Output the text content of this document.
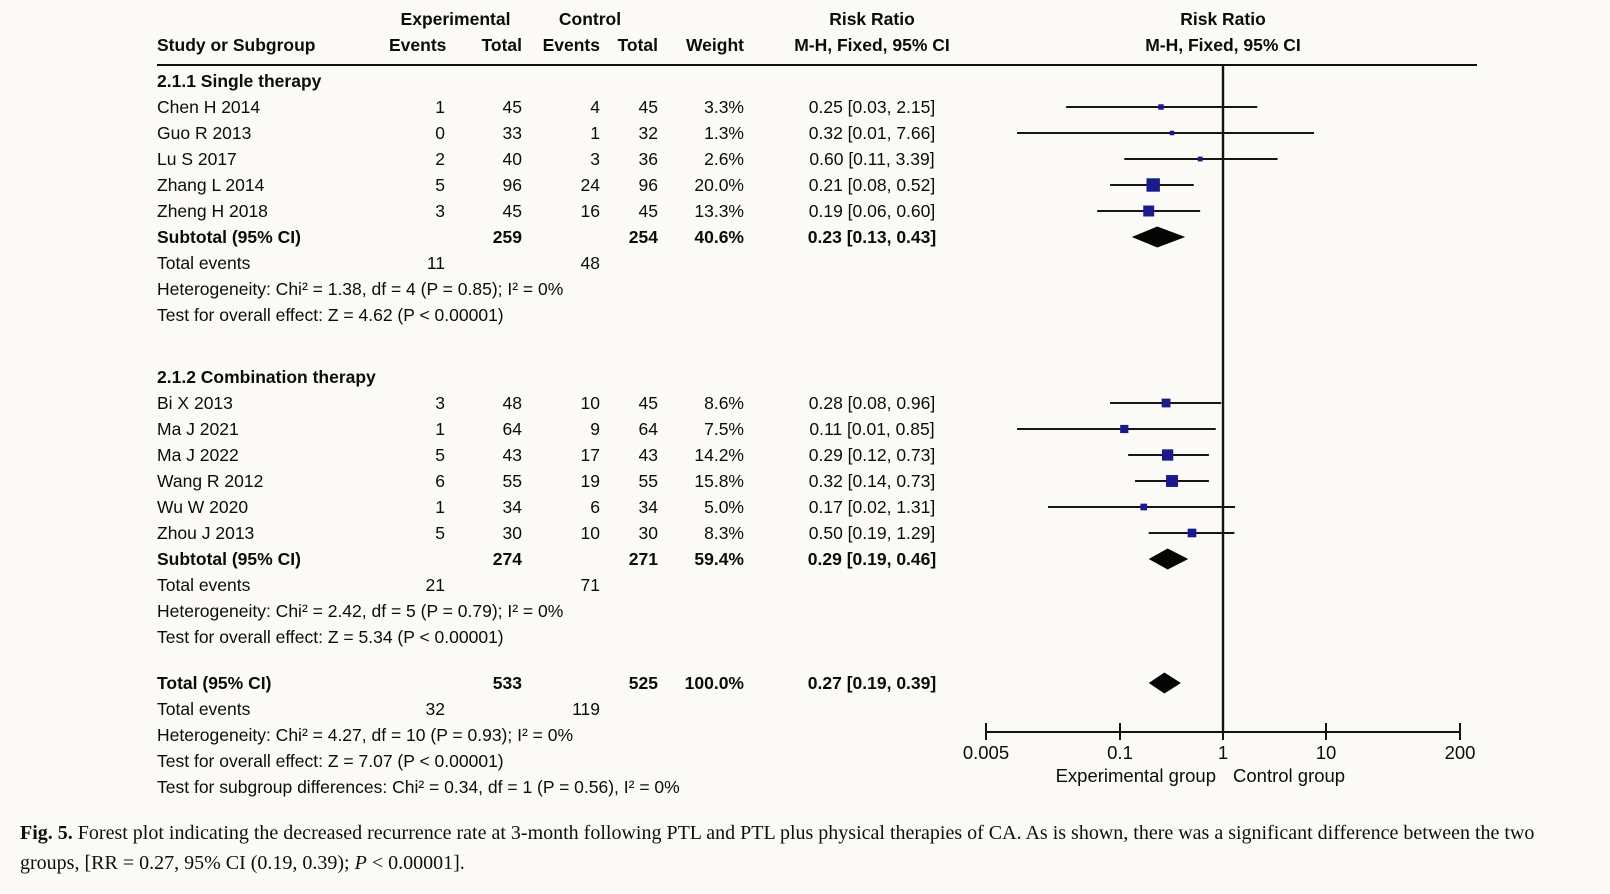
Experimental	Control	Risk Ratio
Study or Subgroup	Events	Total	Events Total	Weight	M-H, Fixed, 95% CI
Risk Ratio
M-H, Fixed, 95% CI
2.1.1 Single therapy
Chen H 2014	1	45	4	45	3.3%	0.25 [0.03, 2.15]
Guo R 2013	0	33	1	32	1.3%	0.32 [0.01, 7.66]
Lu S 2017	2	40	3	36	2.6%	0.60 [0.11, 3.39]
Zhang L 2014	5	96	24	96	20.0%	0.21 [0.08, 0.52]
Zheng H 2018	3	45	16	45	13.3%	0.19 [0.06, 0.60]
Subtotal (95% CI)	259	254	40.6%	0.23 [0.13, 0.43]
Total events	11	48
Heterogeneity: Chi² = 1.38, df = 4 (P = 0.85); I² = 0%
Test for overall effect: Z = 4.62 (P < 0.00001)
2.1.2 Combination therapy
Bi X 2013	3	48	10	45	8.6%	0.28 [0.08, 0.96]
Ma J 2021	1	64	9	64	7.5%	0.11 [0.01, 0.85]
Ma J 2022	5	43	17	43	14.2%	0.29 [0.12, 0.73]
Wang R 2012	6	55	19	55	15.8%	0.32 [0.14, 0.73]
Wu W 2020	1	34	6	34	5.0%	0.17 [0.02, 1.31]
Zhou J 2013	5	30	10	30	8.3%	0.50 [0.19, 1.29]
Subtotal (95% CI)	274	271	59.4%	0.29 [0.19, 0.46]
Total events	21	71
Heterogeneity: Chi² = 2.42, df = 5 (P = 0.79); I² = 0%
Test for overall effect: Z = 5.34 (P < 0.00001)
Total (95% CI)	533	525	100.0%	0.27 [0.19, 0.39]
Total events	32	119
Heterogeneity: Chi² = 4.27, df = 10 (P = 0.93); I² = 0%
Test for overall effect: Z = 7.07 (P < 0.00001)
Test for subgroup differences: Chi² = 0.34, df = 1 (P = 0.56), I² = 0%
0.005	0.1	1	10	200
Experimental group Control group
Fig. 5. Forest plot indicating the decreased recurrence rate at 3-month following PTL and PTL plus physical therapies of CA. As is shown, there was a significant difference between the two groups, [RR = 0.27, 95% CI (0.19, 0.39); P < 0.00001].
